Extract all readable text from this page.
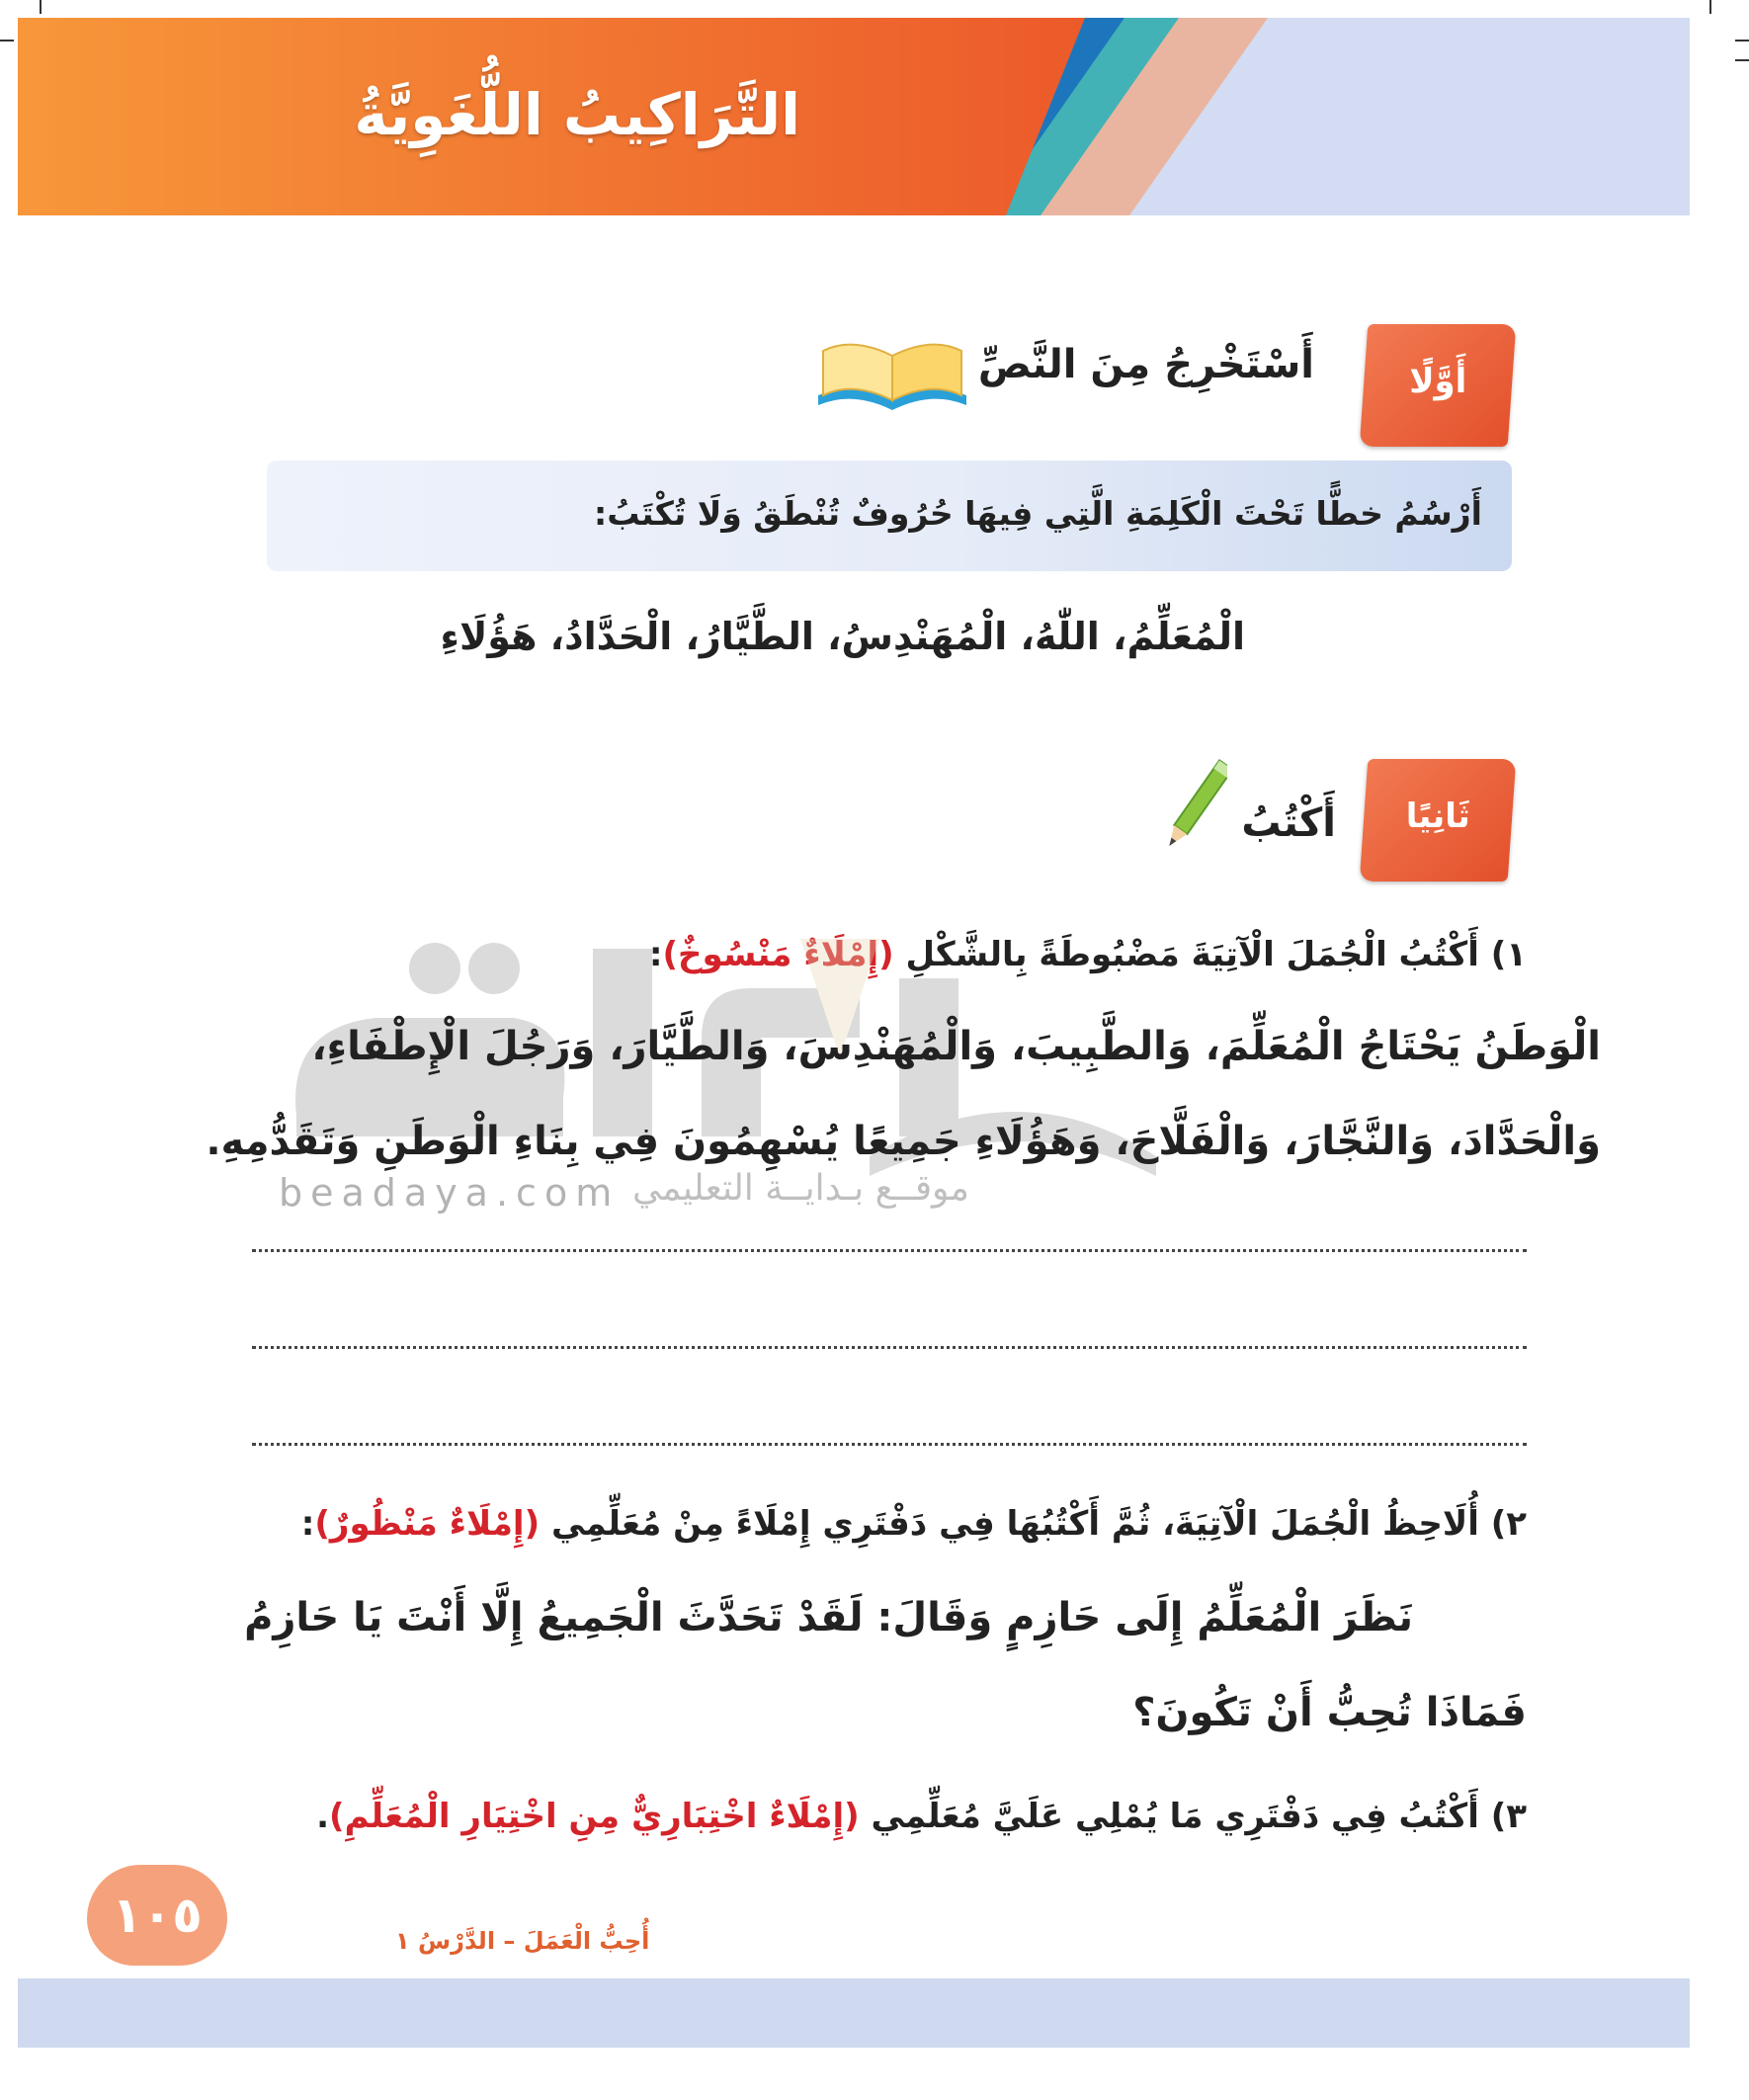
التَّرَاكِيبُ اللُّغَوِيَّةُ
أَوَّلًا
أَسْتَخْرِجُ مِنَ النَّصِّ
أَرْسُمُ خطًّا تَحْتَ الْكَلِمَةِ الَّتِي فِيهَا حُرُوفٌ تُنْطَقُ وَلَا تُكْتَبُ:
الْمُعَلِّمُ، اللّٰهُ، الْمُهَنْدِسُ، الطَّيَّارُ، الْحَدَّادُ، هَؤُلَاءِ
ثَانِيًا
أَكْتُبُ
١) أَكْتُبُ الْجُمَلَ الْآتِيَةَ مَضْبُوطَةً بِالشَّكْلِ (إِمْلَاءٌ مَنْسُوخٌ):
الْوَطَنُ يَحْتَاجُ الْمُعَلِّمَ، وَالطَّبِيبَ، وَالْمُهَنْدِسَ، وَالطَّيَّارَ، وَرَجُلَ الْإِطْفَاءِ،
وَالْحَدَّادَ، وَالنَّجَّارَ، وَالْفَلَّاحَ، وَهَؤُلَاءِ جَمِيعًا يُسْهِمُونَ فِي بِنَاءِ الْوَطَنِ وَتَقَدُّمِهِ.
beadaya.com موقــع بـدايــة التعليمي
٢) أُلَاحِظُ الْجُمَلَ الْآتِيَةَ، ثُمَّ أَكْتُبُهَا فِي دَفْتَرِي إِمْلَاءً مِنْ مُعَلِّمِي (إِمْلَاءٌ مَنْظُورٌ):
نَظَرَ الْمُعَلِّمُ إِلَى حَازِمٍ وَقَالَ: لَقَدْ تَحَدَّثَ الْجَمِيعُ إِلَّا أَنْتَ يَا حَازِمُ
فَمَاذَا تُحِبُّ أَنْ تَكُونَ؟
٣) أَكْتُبُ فِي دَفْتَرِي مَا يُمْلِي عَلَيَّ مُعَلِّمِي (إِمْلَاءٌ اخْتِبَارِيٌّ مِنِ اخْتِيَارِ الْمُعَلِّمِ).
١٠٥	أُحِبُّ الْعَمَلَ – الدَّرْسُ ١
